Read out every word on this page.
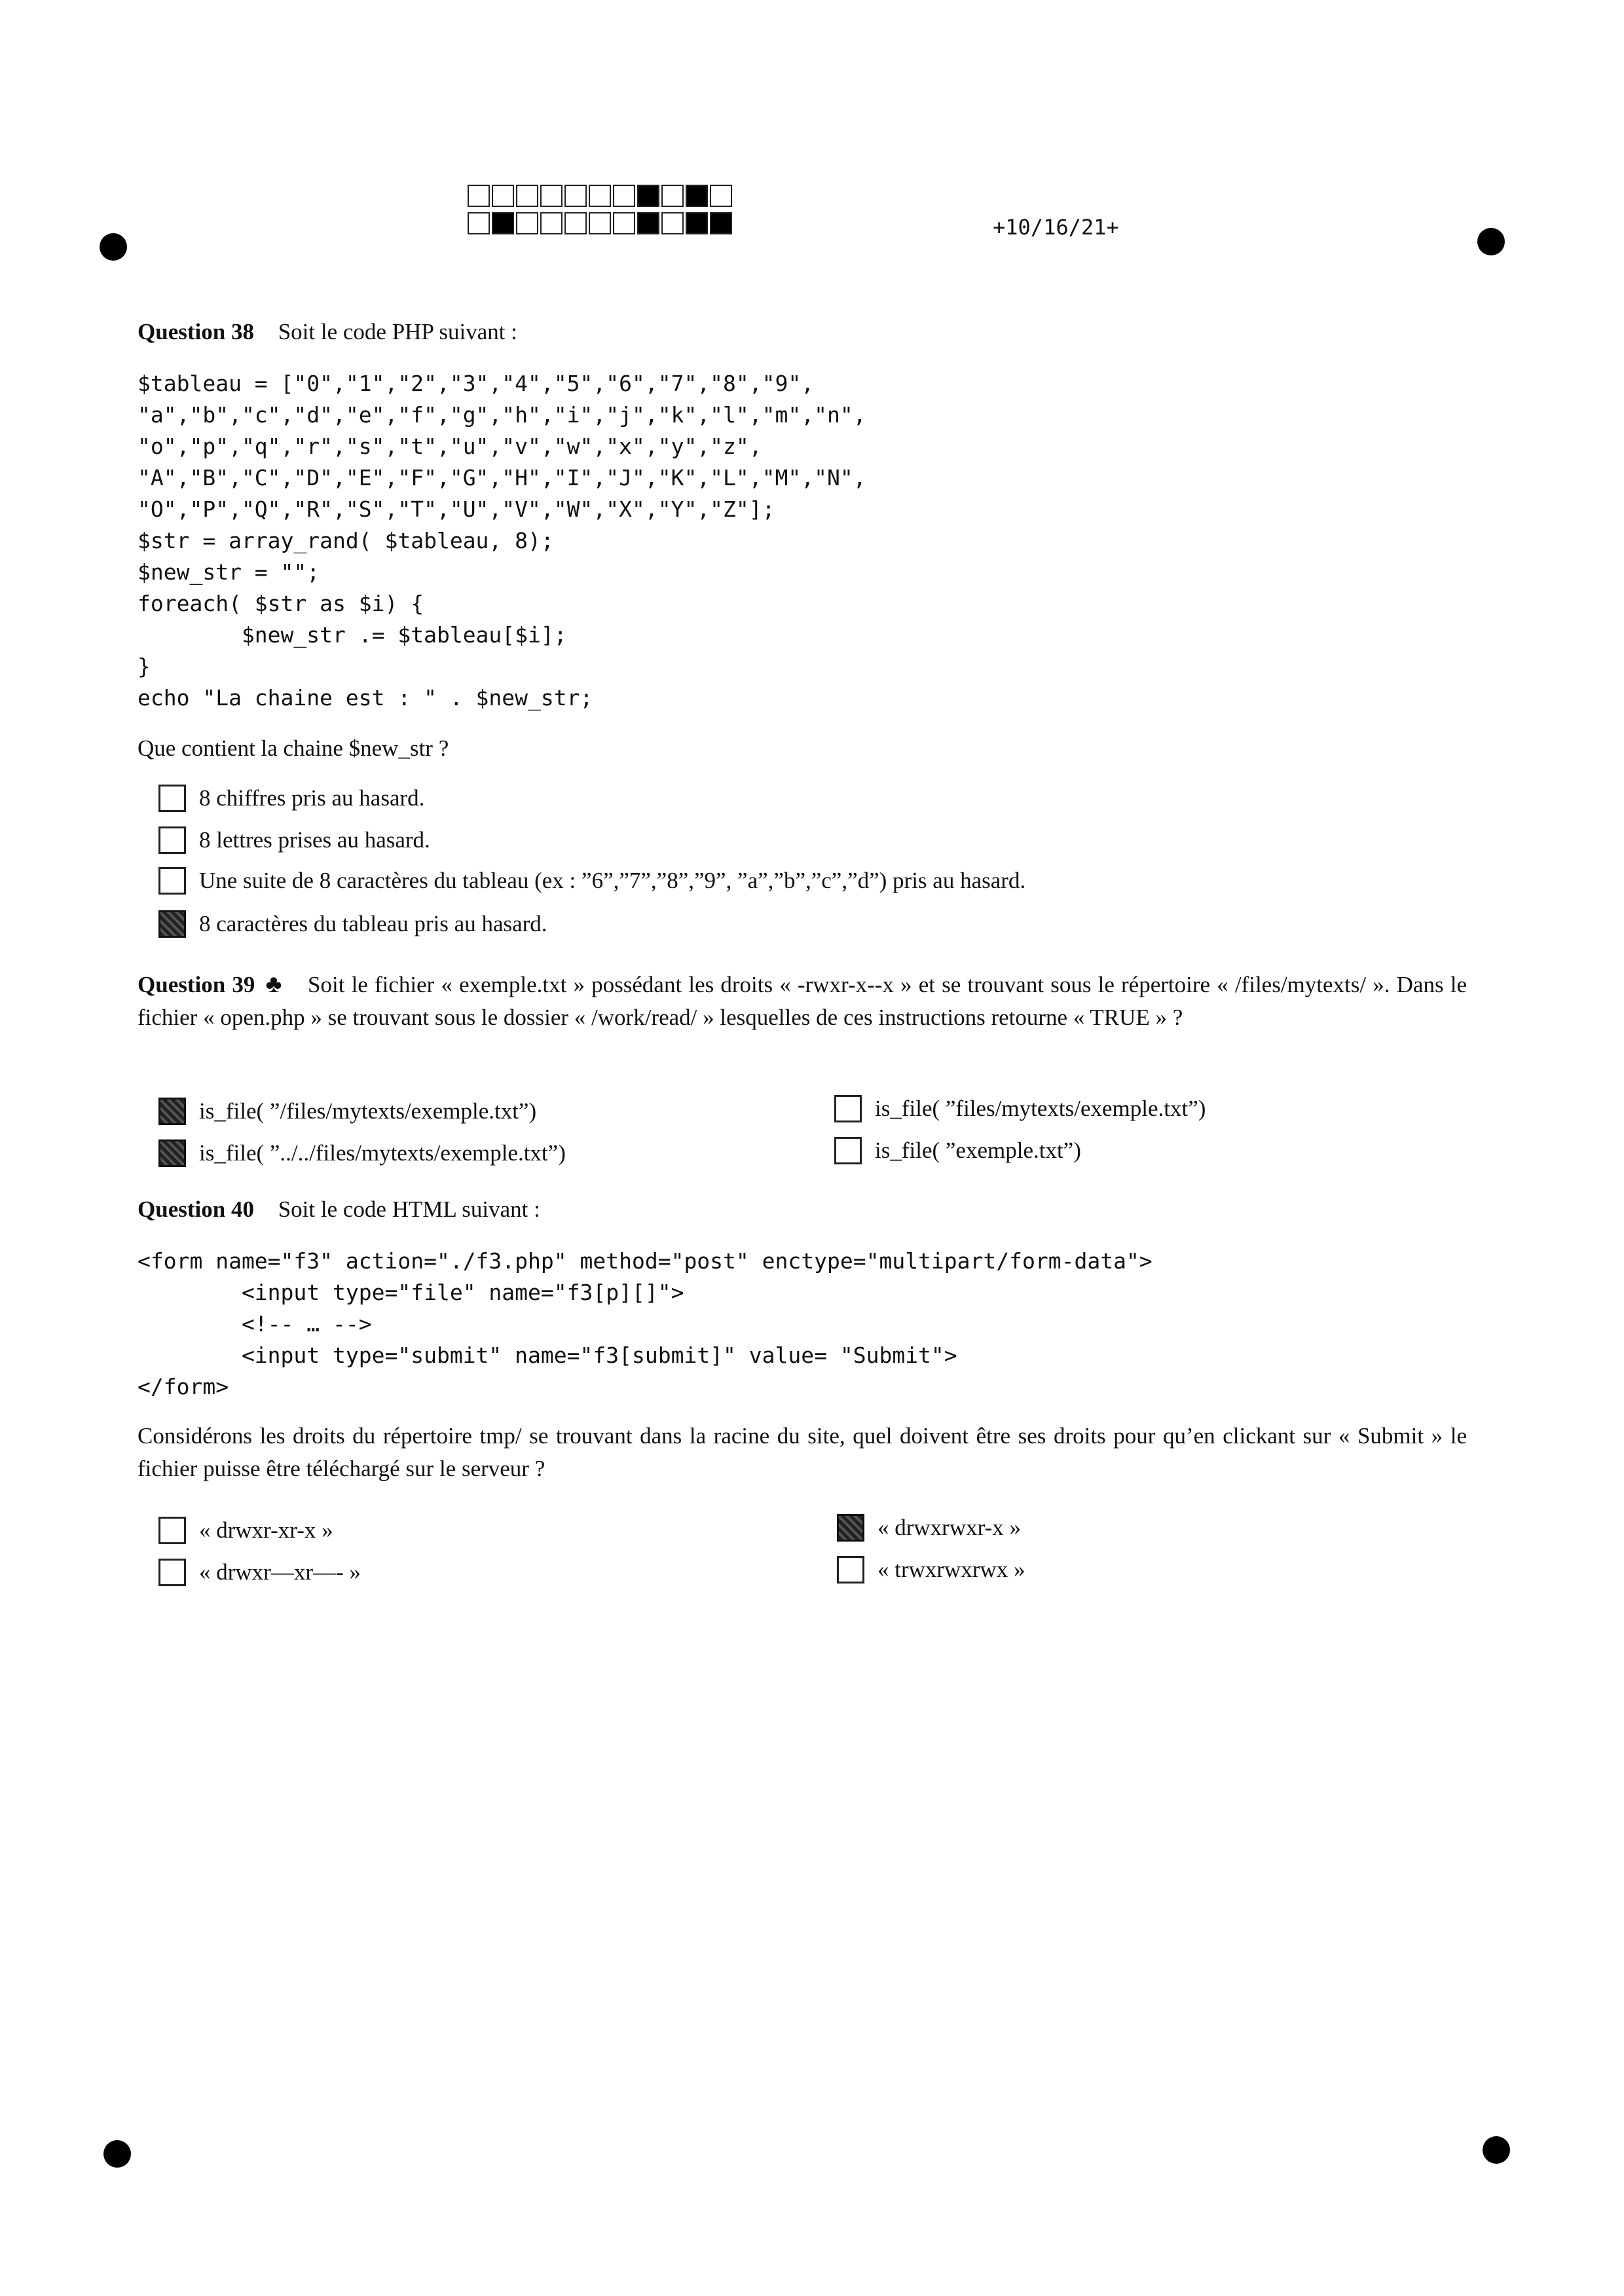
+10/16/21+
Question 38 Soit le code PHP suivant :
$tableau = ["0","1","2","3","4","5","6","7","8","9",
"a","b","c","d","e","f","g","h","i","j","k","l","m","n",
"o","p","q","r","s","t","u","v","w","x","y","z",
"A","B","C","D","E","F","G","H","I","J","K","L","M","N",
"O","P","Q","R","S","T","U","V","W","X","Y","Z"];
$str = array_rand( $tableau, 8);
$new_str = "";
foreach( $str as $i) {
$new_str .= $tableau[$i];
}
echo "La chaine est : " . $new_str;
Que contient la chaine $new_str ?
8 chiffres pris au hasard.
8 lettres prises au hasard.
Une suite de 8 caractères du tableau (ex : ”6”,”7”,”8”,”9”, ”a”,”b”,”c”,”d”) pris au hasard.
8 caractères du tableau pris au hasard.
Question 39 ♣ Soit le fichier « exemple.txt » possédant les droits « -rwxr-x--x » et se trouvant sous le répertoire « /files/mytexts/ ». Dans le fichier « open.php » se trouvant sous le dossier « /work/read/ » lesquelles de ces instructions retourne « TRUE » ?
is_file( ”/files/mytexts/exemple.txt”)	is_file( ”files/mytexts/exemple.txt”)
is_file( ”../../files/mytexts/exemple.txt”)	is_file( ”exemple.txt”)
Question 40 Soit le code HTML suivant :
<form name="f3" action="./f3.php" method="post" enctype="multipart/form-data">
<input type="file" name="f3[p][]">
<!-- … -->
<input type="submit" name="f3[submit]" value= "Submit">
</form>
Considérons les droits du répertoire tmp/ se trouvant dans la racine du site, quel doivent être ses droits pour qu’en clickant sur « Submit » le fichier puisse être téléchargé sur le serveur ?
« drwxr-xr-x »	« drwxrwxr-x »
« drwxr—xr—- »	« trwxrwxrwx »
